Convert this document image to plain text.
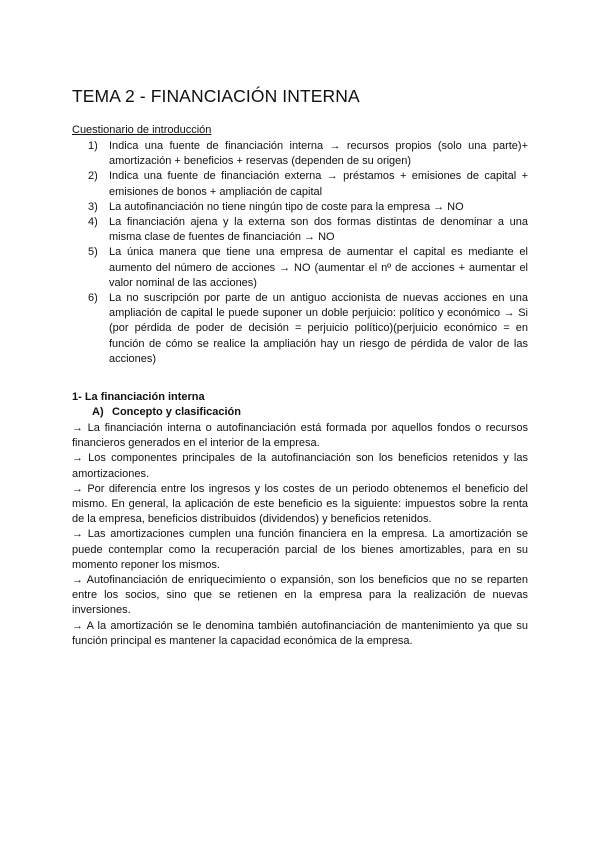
TEMA 2 - FINANCIACIÓN INTERNA
Cuestionario de introducción
1) Indica una fuente de financiación interna → recursos propios (solo una parte)+ amortización + beneficios + reservas (dependen de su origen)
2) Indica una fuente de financiación externa → préstamos + emisiones de capital + emisiones de bonos + ampliación de capital
3) La autofinanciación no tiene ningún tipo de coste para la empresa → NO
4) La financiación ajena y la externa son dos formas distintas de denominar a una misma clase de fuentes de financiación → NO
5) La única manera que tiene una empresa de aumentar el capital es mediante el aumento del número de acciones → NO (aumentar el nº de acciones + aumentar el valor nominal de las acciones)
6) La no suscripción por parte de un antiguo accionista de nuevas acciones en una ampliación de capital le puede suponer un doble perjuicio: político y económico → Si (por pérdida de poder de decisión = perjuicio político)(perjuicio económico = en función de cómo se realice la ampliación hay un riesgo de pérdida de valor de las acciones)
1- La financiación interna
A) Concepto y clasificación

→ La financiación interna o autofinanciación está formada por aquellos fondos o recursos financieros generados en el interior de la empresa.

→ Los componentes principales de la autofinanciación son los beneficios retenidos y las amortizaciones.

→ Por diferencia entre los ingresos y los costes de un periodo obtenemos el beneficio del mismo. En general, la aplicación de este beneficio es la siguiente: impuestos sobre la renta de la empresa, beneficios distribuidos (dividendos) y beneficios retenidos.

→ Las amortizaciones cumplen una función financiera en la empresa. La amortización se puede contemplar como la recuperación parcial de los bienes amortizables, para en su momento reponer los mismos.

→ Autofinanciación de enriquecimiento o expansión, son los beneficios que no se reparten entre los socios, sino que se retienen en la empresa para la realización de nuevas inversiones.

→ A la amortización se le denomina también autofinanciación de mantenimiento ya que su función principal es mantener la capacidad económica de la empresa.
